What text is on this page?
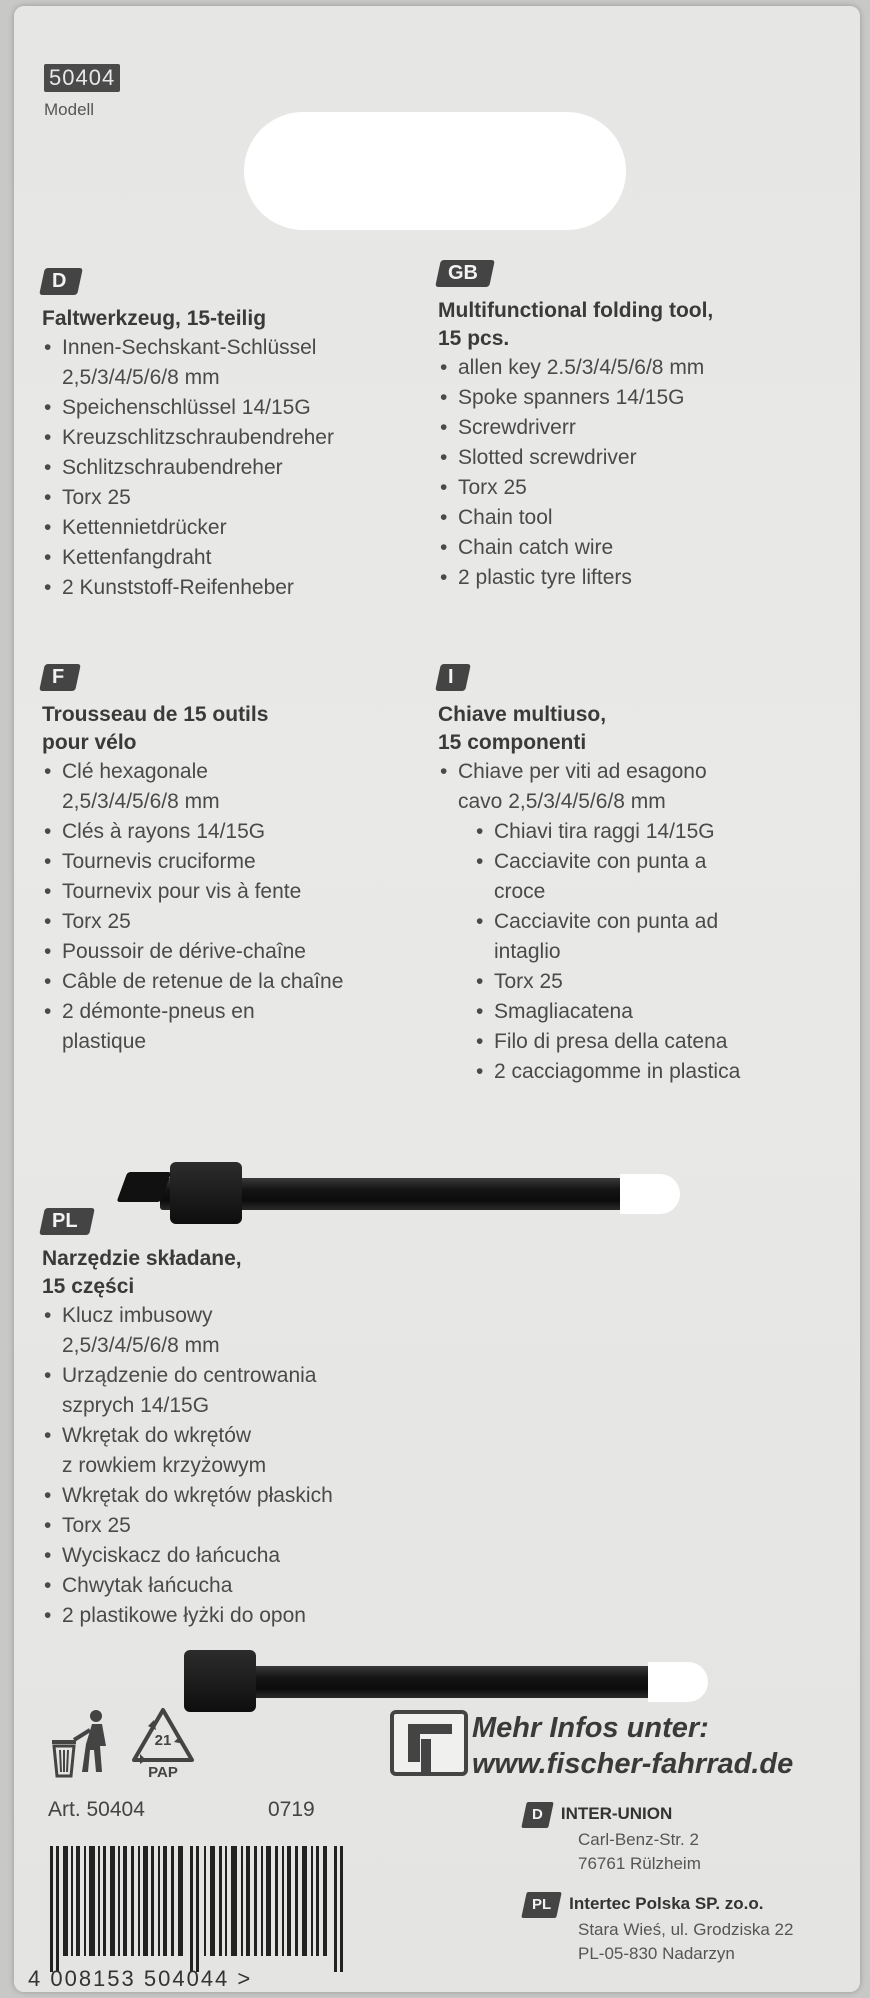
50404
Modell
D

Faltwerkzeug, 15-teilig

• Innen-Sechskant-Schlüssel
2,5/3/4/5/6/8 mm
• Speichenschlüssel 14/15G
• Kreuzschlitzschraubendreher
• Schlitzschraubendreher
• Torx 25
• Kettennietdrücker
• Kettenfangdraht
• 2 Kunststoff-Reifenheber
GB

Multifunctional folding tool,
15 pcs.

• allen key 2.5/3/4/5/6/8 mm
• Spoke spanners 14/15G
• Screwdriverr
• Slotted screwdriver
• Torx 25
• Chain tool
• Chain catch wire
• 2 plastic tyre lifters
F

Trousseau de 15 outils
pour vélo

• Clé hexagonale
2,5/3/4/5/6/8 mm
• Clés à rayons 14/15G
• Tournevis cruciforme
• Tournevix pour vis à fente
• Torx 25
• Poussoir de dérive-chaîne
• Câble de retenue de la chaîne
• 2 démonte-pneus en
plastique
I

Chiave multiuso,
15 componenti

• Chiave per viti ad esagono
cavo 2,5/3/4/5/6/8 mm
• Chiavi tira raggi 14/15G
• Cacciavite con punta a
croce
• Cacciavite con punta ad
intaglio
• Torx 25
• Smagliacatena
• Filo di presa della catena
• 2 cacciagomme in plastica
PL

Narzędzie składane,
15 części

• Klucz imbusowy
2,5/3/4/5/6/8 mm
• Urządzenie do centrowania
szprych 14/15G
• Wkrętak do wkrętów
z rowkiem krzyżowym
• Wkrętak do wkrętów płaskich
• Torx 25
• Wyciskacz do łańcucha
• Chwytak łańcucha
• 2 plastikowe łyżki do opon
21
PAP
Mehr Infos unter:
www.fischer-fahrrad.de
Art. 50404	0719
4 008153 504044 >
D INTER-UNION
Carl-Benz-Str. 2
76761 Rülzheim
PL Intertec Polska SP. zo.o.
Stara Wieś, ul. Grodziska 22
PL-05-830 Nadarzyn
